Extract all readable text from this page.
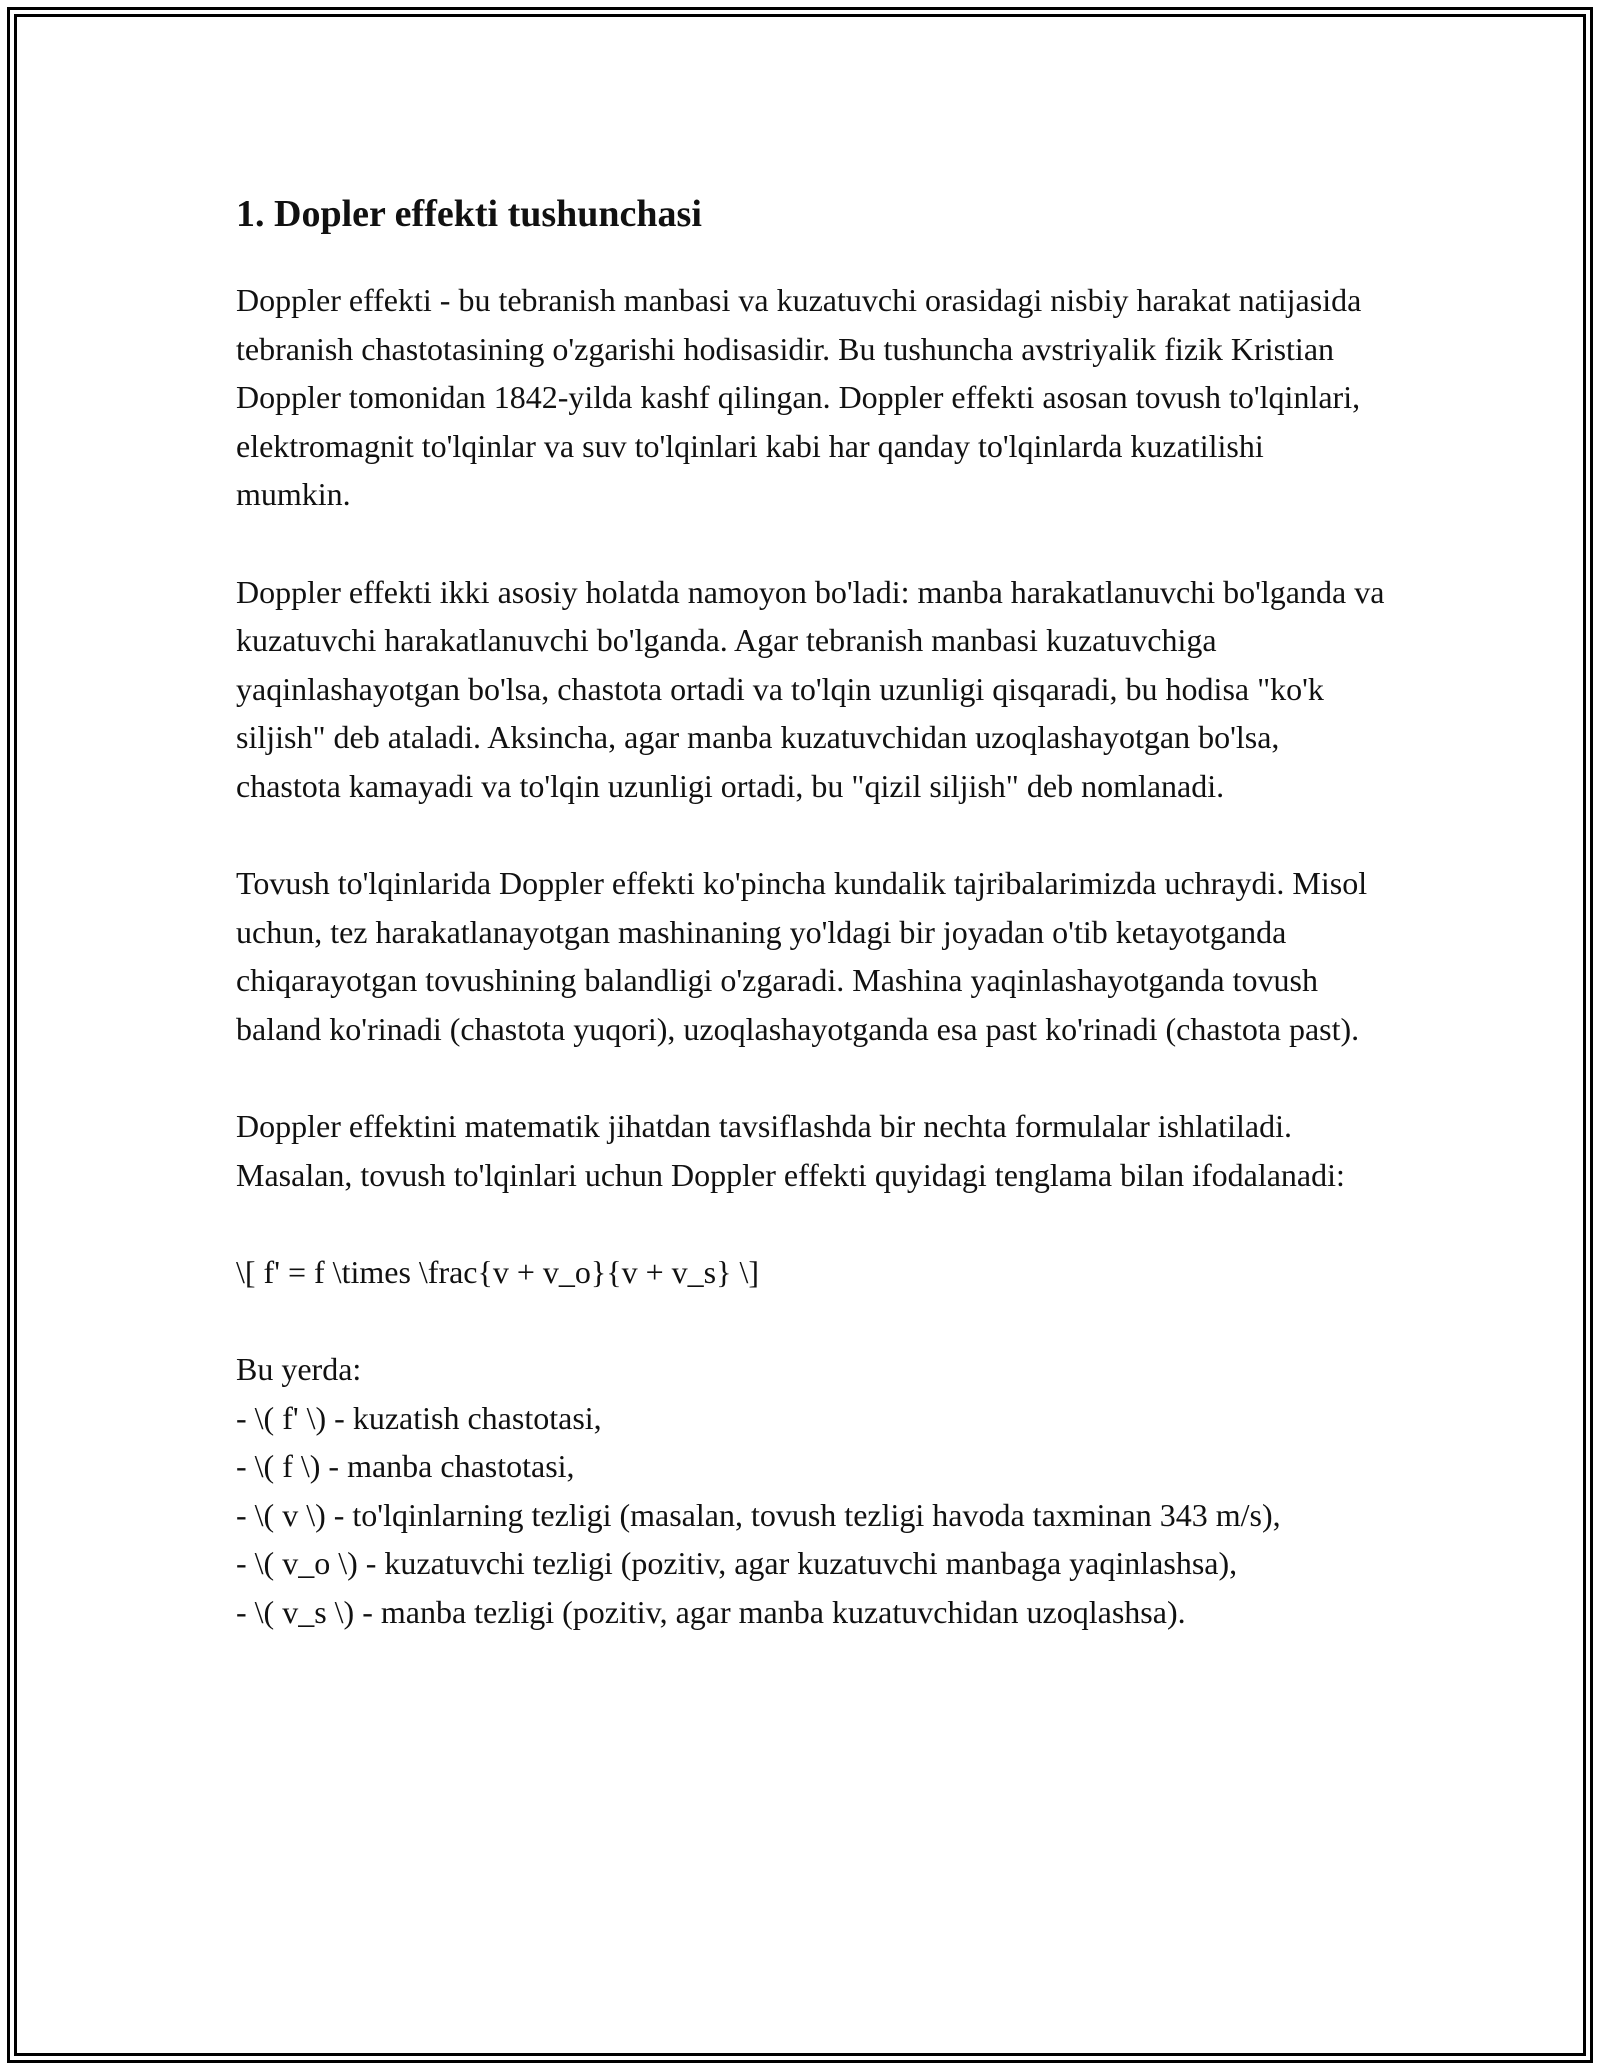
1. Dopler effekti tushunchasi

Doppler effekti - bu tebranish manbasi va kuzatuvchi orasidagi nisbiy harakat natijasida tebranish chastotasining o'zgarishi hodisasidir. Bu tushuncha avstriyalik fizik Kristian Doppler tomonidan 1842-yilda kashf qilingan. Doppler effekti asosan tovush to'lqinlari, elektromagnit to'lqinlar va suv to'lqinlari kabi har qanday to'lqinlarda kuzatilishi mumkin.

Doppler effekti ikki asosiy holatda namoyon bo'ladi: manba harakatlanuvchi bo'lganda va kuzatuvchi harakatlanuvchi bo'lganda. Agar tebranish manbasi kuzatuvchiga yaqinlashayotgan bo'lsa, chastota ortadi va to'lqin uzunligi qisqaradi, bu hodisa "ko'k siljish" deb ataladi. Aksincha, agar manba kuzatuvchidan uzoqlashayotgan bo'lsa, chastota kamayadi va to'lqin uzunligi ortadi, bu "qizil siljish" deb nomlanadi.

Tovush to'lqinlarida Doppler effekti ko'pincha kundalik tajribalarimizda uchraydi. Misol uchun, tez harakatlanayotgan mashinaning yo'ldagi bir joyadan o'tib ketayotganda chiqarayotgan tovushining balandligi o'zgaradi. Mashina yaqinlashayotganda tovush baland ko'rinadi (chastota yuqori), uzoqlashayotganda esa past ko'rinadi (chastota past).

Doppler effektini matematik jihatdan tavsiflashda bir nechta formulalar ishlatiladi. Masalan, tovush to'lqinlari uchun Doppler effekti quyidagi tenglama bilan ifodalanadi:

\[ f' = f \times \frac{v + v_o}{v + v_s} \]

Bu yerda:

- \( f' \) - kuzatish chastotasi,

- \( f \) - manba chastotasi,

- \( v \) - to'lqinlarning tezligi (masalan, tovush tezligi havoda taxminan 343 m/s),

- \( v_o \) - kuzatuvchi tezligi (pozitiv, agar kuzatuvchi manbaga yaqinlashsa),

- \( v_s \) - manba tezligi (pozitiv, agar manba kuzatuvchidan uzoqlashsa).
